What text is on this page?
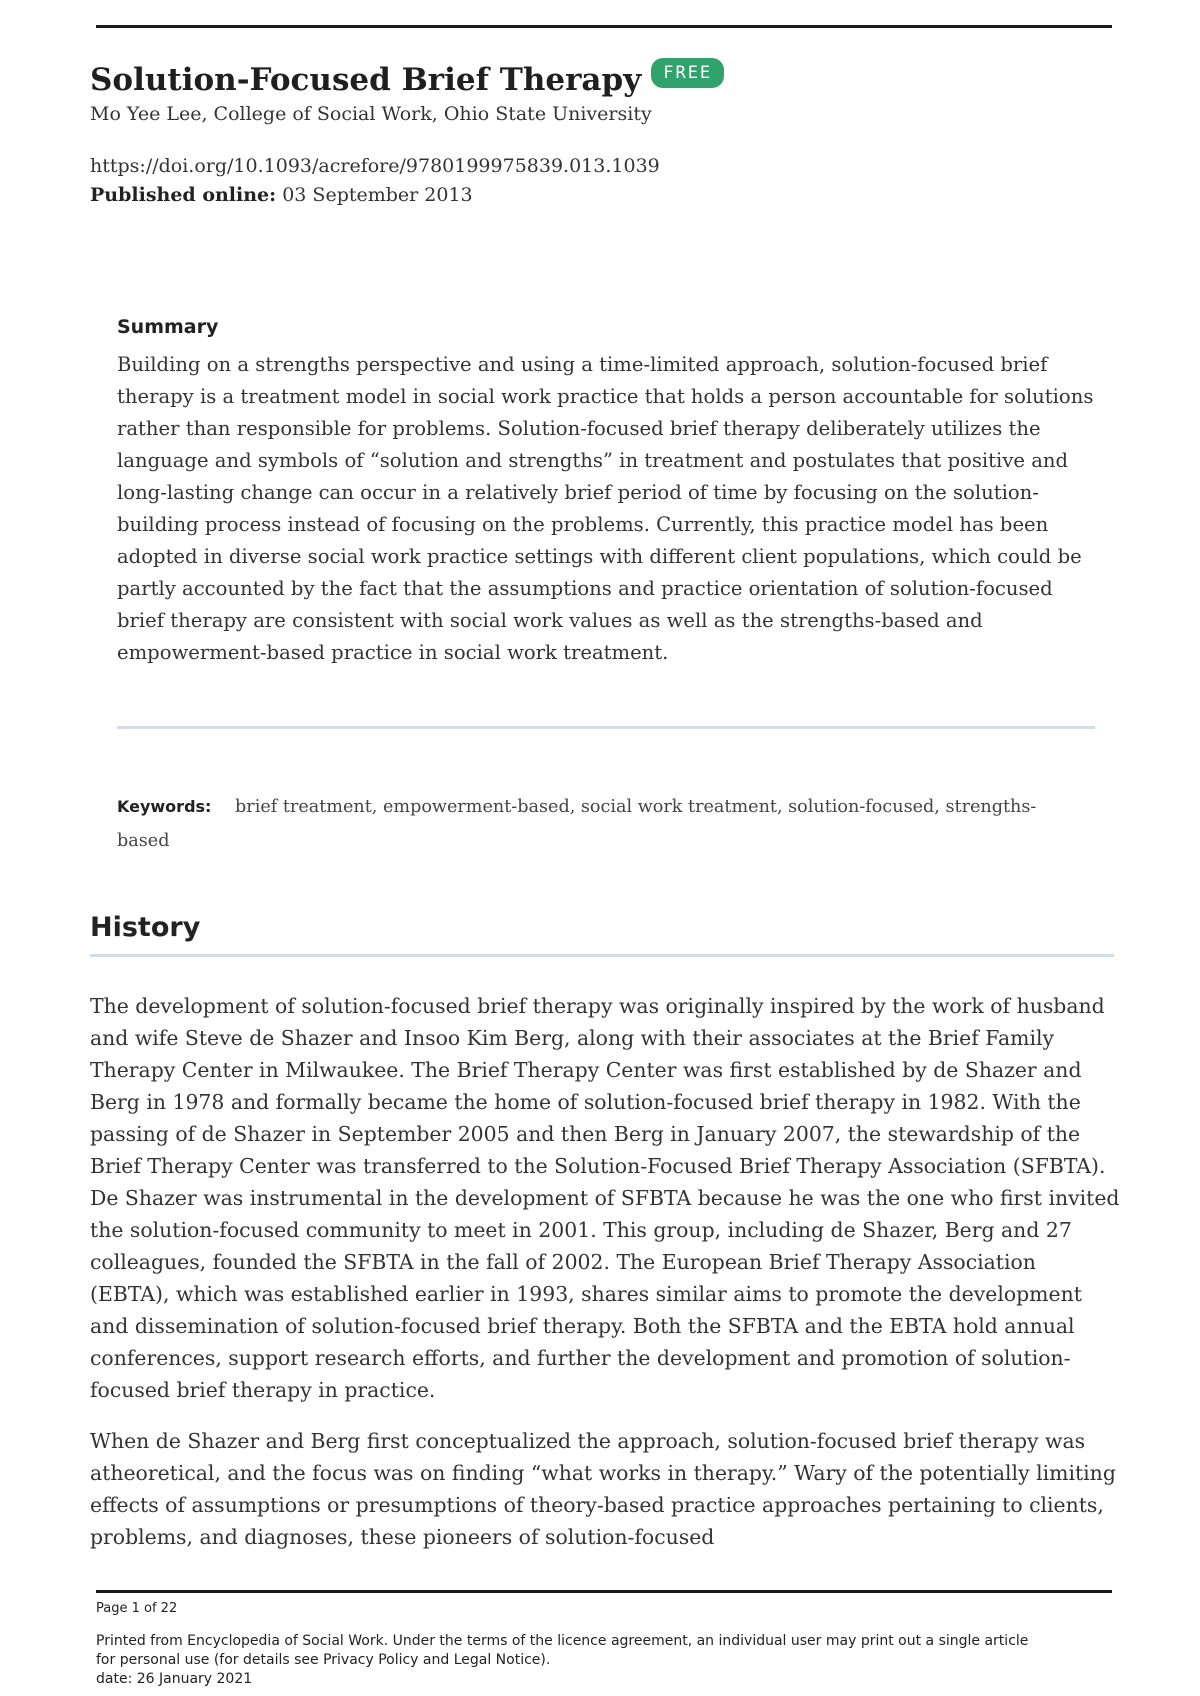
Solution-Focused Brief Therapy	FREE
Mo Yee Lee, College of Social Work, Ohio State University
https://doi.org/10.1093/acrefore/9780199975839.013.1039
Published online: 03 September 2013
Summary

Building on a strengths perspective and using a time-limited approach, solution-focused brief therapy is a treatment model in social work practice that holds a person accountable for solutions rather than responsible for problems. Solution-focused brief therapy deliberately utilizes the language and symbols of “solution and strengths” in treatment and postulates that positive and long-lasting change can occur in a relatively brief period of time by focusing on the solution-building process instead of focusing on the problems. Currently, this practice model has been adopted in diverse social work practice settings with different client populations, which could be partly accounted by the fact that the assumptions and practice orientation of solution-focused brief therapy are consistent with social work values as well as the strengths-based and empowerment-based practice in social work treatment.

Keywords: brief treatment, empowerment-based, social work treatment, solution-focused, strengths-based
History

The development of solution-focused brief therapy was originally inspired by the work of husband and wife Steve de Shazer and Insoo Kim Berg, along with their associates at the Brief Family Therapy Center in Milwaukee. The Brief Therapy Center was first established by de Shazer and Berg in 1978 and formally became the home of solution-focused brief therapy in 1982. With the passing of de Shazer in September 2005 and then Berg in January 2007, the stewardship of the Brief Therapy Center was transferred to the Solution-Focused Brief Therapy Association (SFBTA). De Shazer was instrumental in the development of SFBTA because he was the one who first invited the solution-focused community to meet in 2001. This group, including de Shazer, Berg and 27 colleagues, founded the SFBTA in the fall of 2002. The European Brief Therapy Association (EBTA), which was established earlier in 1993, shares similar aims to promote the development and dissemination of solution-focused brief therapy. Both the SFBTA and the EBTA hold annual conferences, support research efforts, and further the development and promotion of solution-focused brief therapy in practice.

When de Shazer and Berg first conceptualized the approach, solution-focused brief therapy was atheoretical, and the focus was on finding “what works in therapy.” Wary of the potentially limiting effects of assumptions or presumptions of theory-based practice approaches pertaining to clients, problems, and diagnoses, these pioneers of solution-focused

Page 1 of 22
Printed from Encyclopedia of Social Work. Under the terms of the licence agreement, an individual user may print out a single article
for personal use (for details see Privacy Policy and Legal Notice).
date: 26 January 2021
